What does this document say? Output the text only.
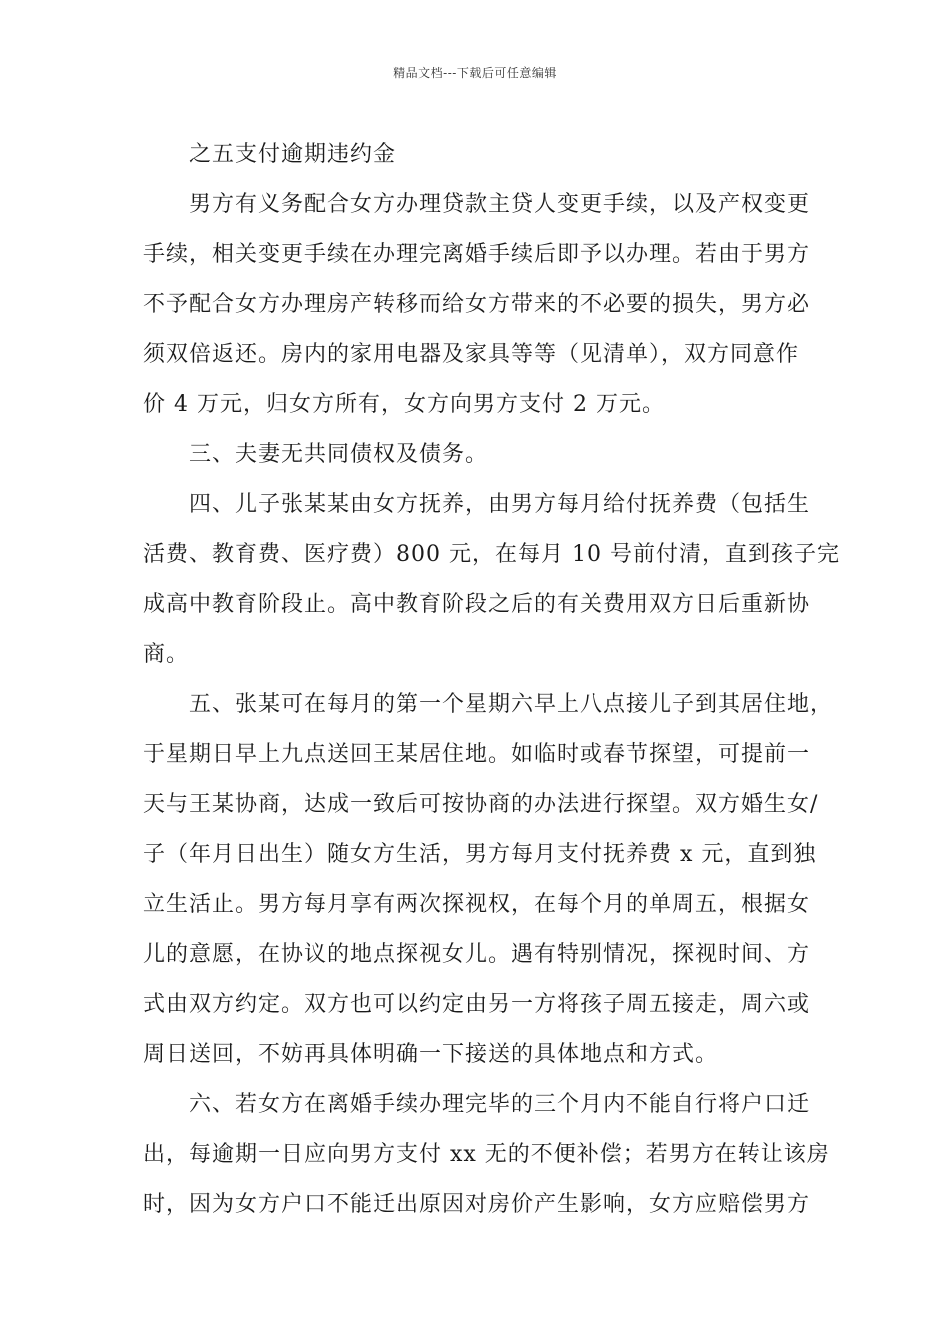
精品文档---下载后可任意编辑

之五支付逾期违约金

男方有义务配合女方办理贷款主贷人变更手续，以及产权变更
手续，相关变更手续在办理完离婚手续后即予以办理。若由于男方
不予配合女方办理房产转移而给女方带来的不必要的损失，男方必
须双倍返还。房内的家用电器及家具等等（见清单），双方同意作
价 4 万元，归女方所有，女方向男方支付 2 万元。

三、夫妻无共同债权及债务。

四、儿子张某某由女方抚养，由男方每月给付抚养费（包括生
活费、教育费、医疗费）800 元，在每月 10 号前付清，直到孩子完
成高中教育阶段止。高中教育阶段之后的有关费用双方日后重新协
商。

五、张某可在每月的第一个星期六早上八点接儿子到其居住地，
于星期日早上九点送回王某居住地。如临时或春节探望，可提前一
天与王某协商，达成一致后可按协商的办法进行探望。双方婚生女/
子（年月日出生）随女方生活，男方每月支付抚养费 x 元，直到独
立生活止。男方每月享有两次探视权，在每个月的单周五，根据女
儿的意愿，在协议的地点探视女儿。遇有特别情况，探视时间、方
式由双方约定。双方也可以约定由另一方将孩子周五接走，周六或
周日送回，不妨再具体明确一下接送的具体地点和方式。

六、若女方在离婚手续办理完毕的三个月内不能自行将户口迁
出，每逾期一日应向男方支付 xx 无的不便补偿；若男方在转让该房
时，因为女方户口不能迁出原因对房价产生影响，女方应赔偿男方
